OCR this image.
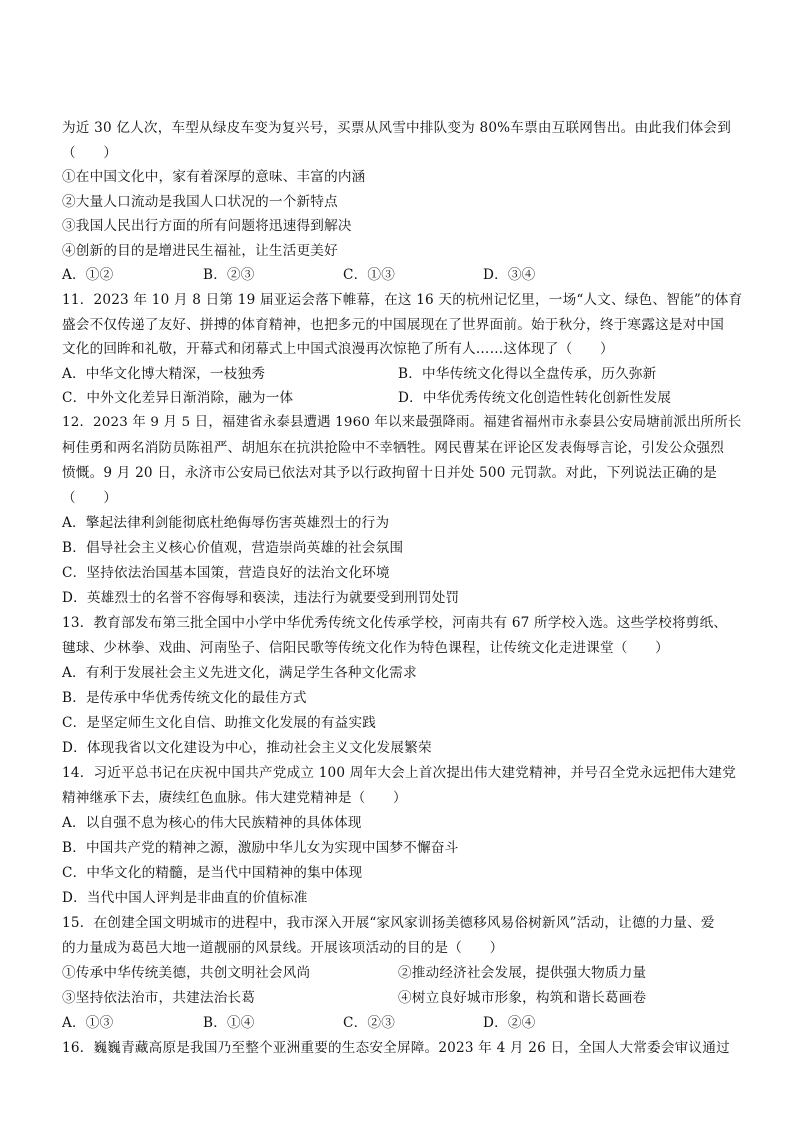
为近 30 亿人次，车型从绿皮车变为复兴号，买票从风雪中排队变为 80%车票由互联网售出。由此我们体会到
（　　）
①在中国文化中，家有着深厚的意味、丰富的内涵
②大量人口流动是我国人口状况的一个新特点
③我国人民出行方面的所有问题将迅速得到解决
④创新的目的是增进民生福祉，让生活更美好
A．①②	B．②③	C．①③	D．③④
11．2023 年 10 月 8 日第 19 届亚运会落下帷幕，在这 16 天的杭州记忆里，一场“人文、绿色、智能”的体育
盛会不仅传递了友好、拼搏的体育精神，也把多元的中国展现在了世界面前。始于秋分，终于寒露这是对中国
文化的回眸和礼敬，开幕式和闭幕式上中国式浪漫再次惊艳了所有人……这体现了（　　）
A．中华文化博大精深，一枝独秀	B．中华传统文化得以全盘传承，历久弥新
C．中外文化差异日渐消除，融为一体	D．中华优秀传统文化创造性转化创新性发展
12．2023 年 9 月 5 日，福建省永泰县遭遇 1960 年以来最强降雨。福建省福州市永泰县公安局塘前派出所所长
柯佳勇和两名消防员陈祖严、胡旭东在抗洪抢险中不幸牺牲。网民曹某在评论区发表侮辱言论，引发公众强烈
愤慨。9 月 20 日，永济市公安局已依法对其予以行政拘留十日并处 500 元罚款。对此，下列说法正确的是
（　　）
A．擎起法律利剑能彻底杜绝侮辱伤害英雄烈士的行为
B．倡导社会主义核心价值观，营造崇尚英雄的社会氛围
C．坚持依法治国基本国策，营造良好的法治文化环境
D．英雄烈士的名誉不容侮辱和亵渎，违法行为就要受到刑罚处罚
13．教育部发布第三批全国中小学中华优秀传统文化传承学校，河南共有 67 所学校入选。这些学校将剪纸、
毽球、少林拳、戏曲、河南坠子、信阳民歌等传统文化作为特色课程，让传统文化走进课堂（　　）
A．有利于发展社会主义先进文化，满足学生各种文化需求
B．是传承中华优秀传统文化的最佳方式
C．是坚定师生文化自信、助推文化发展的有益实践
D．体现我省以文化建设为中心，推动社会主义文化发展繁荣
14．习近平总书记在庆祝中国共产党成立 100 周年大会上首次提出伟大建党精神，并号召全党永远把伟大建党
精神继承下去，赓续红色血脉。伟大建党精神是（　　）
A．以自强不息为核心的伟大民族精神的具体体现
B．中国共产党的精神之源，激励中华儿女为实现中国梦不懈奋斗
C．中华文化的精髓，是当代中国精神的集中体现
D．当代中国人评判是非曲直的价值标准
15．在创建全国文明城市的进程中，我市深入开展“家风家训扬美德移风易俗树新风”活动，让德的力量、爱
的力量成为葛邑大地一道靓丽的风景线。开展该项活动的目的是（　　）
①传承中华传统美德，共创文明社会风尚	②推动经济社会发展，提供强大物质力量
③坚持依法治市，共建法治长葛	④树立良好城市形象，构筑和谐长葛画卷
A．①③	B．①④	C．②③	D．②④
16．巍巍青藏高原是我国乃至整个亚洲重要的生态安全屏障。2023 年 4 月 26 日，全国人大常委会审议通过
